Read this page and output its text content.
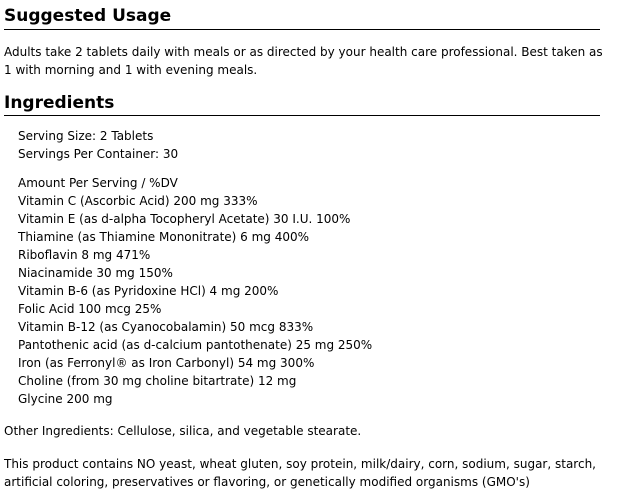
Suggested Usage

Adults take 2 tablets daily with meals or as directed by your health care professional. Best taken as 1 with morning and 1 with evening meals.

Ingredients
Serving Size: 2 Tablets
Servings Per Container: 30
Amount Per Serving / %DV
Vitamin C (Ascorbic Acid) 200 mg 333%
Vitamin E (as d-alpha Tocopheryl Acetate) 30 I.U. 100%
Thiamine (as Thiamine Mononitrate) 6 mg 400%
Riboflavin 8 mg 471%
Niacinamide 30 mg 150%
Vitamin B-6 (as Pyridoxine HCl) 4 mg 200%
Folic Acid 100 mcg 25%
Vitamin B-12 (as Cyanocobalamin) 50 mcg 833%
Pantothenic acid (as d-calcium pantothenate) 25 mg 250%
Iron (as Ferronyl® as Iron Carbonyl) 54 mg 300%
Choline (from 30 mg choline bitartrate) 12 mg
Glycine 200 mg

Other Ingredients: Cellulose, silica, and vegetable stearate.

This product contains NO yeast, wheat gluten, soy protein, milk/dairy, corn, sodium, sugar, starch, artificial coloring, preservatives or flavoring, or genetically modified organisms (GMO's)
